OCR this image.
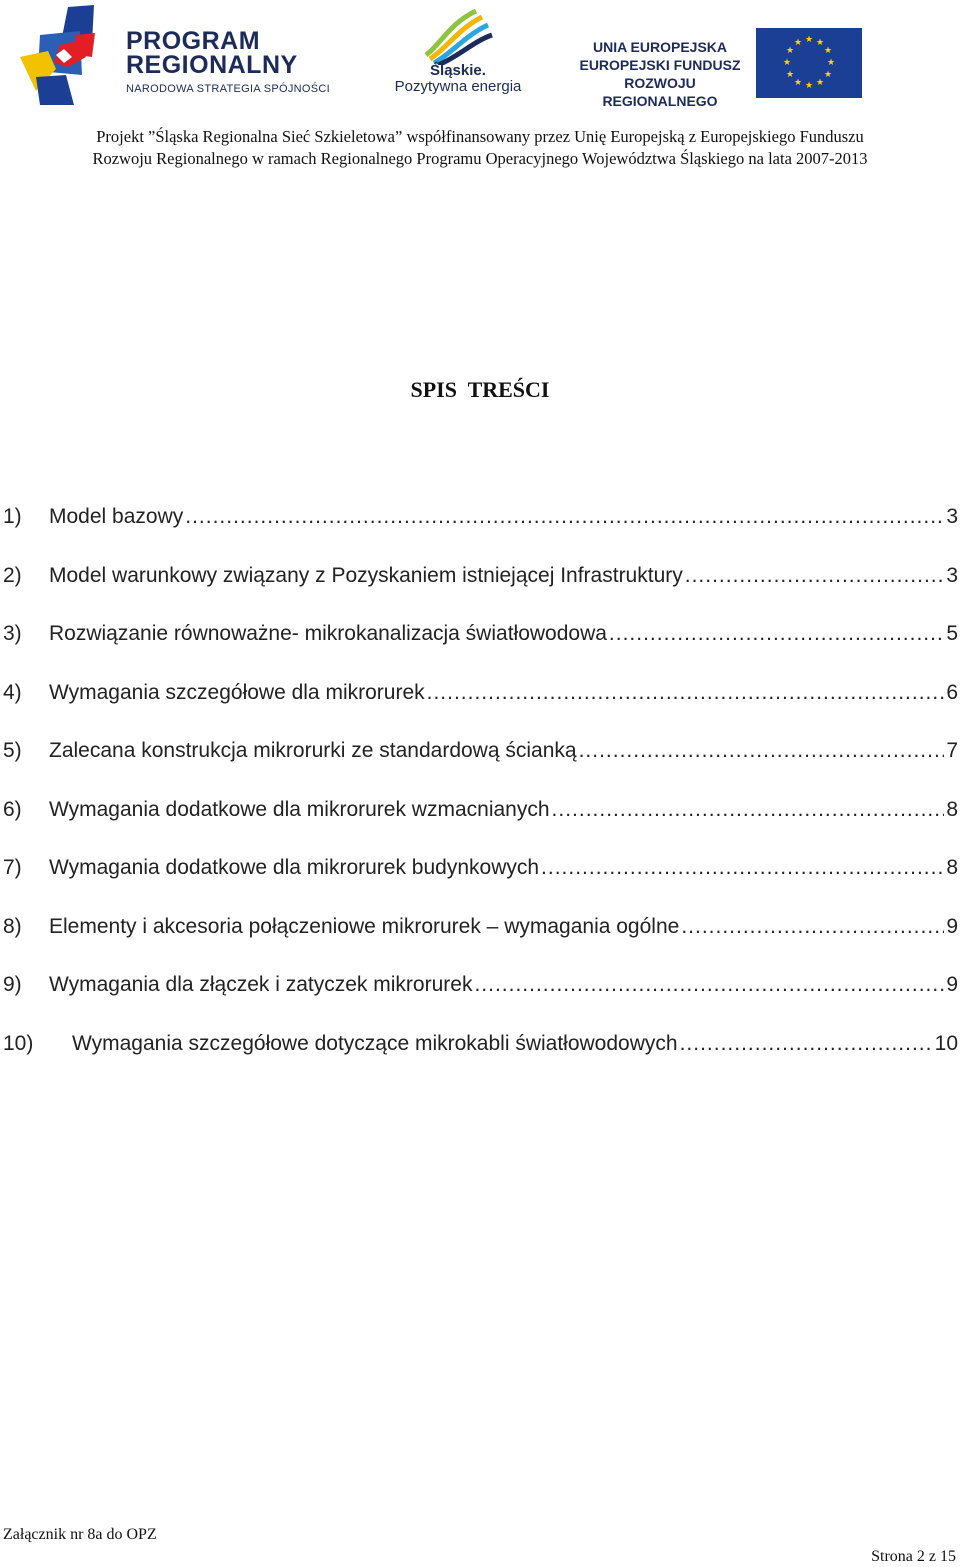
PROGRAM
REGIONALNY
NARODOWA STRATEGIA SPÓJNOŚCI
Śląskie.
Pozytywna energia
UNIA EUROPEJSKA
EUROPEJSKI FUNDUSZ
ROZWOJU REGIONALNEGO
★ ★
★
★
★
★
★
★
★
★
★
★
Projekt ”Śląska Regionalna Sieć Szkieletowa” współfinansowany przez Unię Europejską z Europejskiego Funduszu
Rozwoju Regionalnego w ramach Regionalnego Programu Operacyjnego Województwa Śląskiego na lata 2007-2013
SPIS  TREŚCI
1)	Model bazowy .....	3
2)	Model warunkowy związany z Pozyskaniem istniejącej Infrastruktury .....	3
3)	Rozwiązanie równoważne- mikrokanalizacja światłowodowa .....	5
4)	Wymagania szczegółowe dla mikrorurek .....	6
5)	Zalecana konstrukcja mikrorurki ze standardową ścianką .....	7
6)	Wymagania dodatkowe dla mikrorurek wzmacnianych .....	8
7)	Wymagania dodatkowe dla mikrorurek budynkowych .....	8
8)	Elementy i akcesoria połączeniowe mikrorurek – wymagania ogólne .....	9
9)	Wymagania dla złączek i zatyczek mikrorurek .....	9
10)	Wymagania szczegółowe dotyczące mikrokabli światłowodowych .....	10
Załącznik nr 8a do OPZ
Strona 2 z 15
